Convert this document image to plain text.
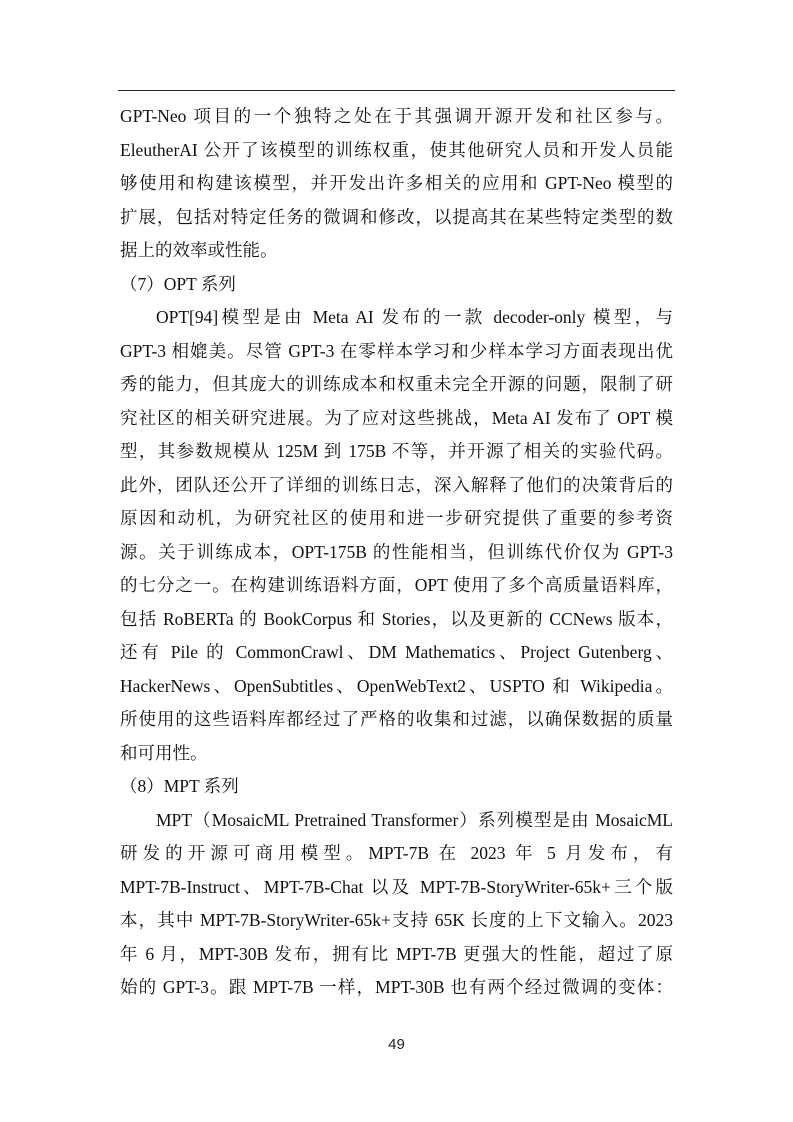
GPT-Neo 项目的一个独特之处在于其强调开源开发和社区参与。
EleutherAI 公开了该模型的训练权重，使其他研究人员和开发人员能
够使用和构建该模型，并开发出许多相关的应用和 GPT-Neo 模型的
扩展，包括对特定任务的微调和修改，以提高其在某些特定类型的数
据上的效率或性能。
（7）OPT 系列
OPT[94]模型是由 Meta AI 发布的一款 decoder-only 模型，与
GPT-3 相媲美。尽管 GPT-3 在零样本学习和少样本学习方面表现出优
秀的能力，但其庞大的训练成本和权重未完全开源的问题，限制了研
究社区的相关研究进展。为了应对这些挑战，Meta AI 发布了 OPT 模
型，其参数规模从 125M 到 175B 不等，并开源了相关的实验代码。
此外，团队还公开了详细的训练日志，深入解释了他们的决策背后的
原因和动机，为研究社区的使用和进一步研究提供了重要的参考资
源。关于训练成本，OPT-175B 的性能相当，但训练代价仅为 GPT-3
的七分之一。在构建训练语料方面，OPT 使用了多个高质量语料库，
包括 RoBERTa 的 BookCorpus 和 Stories，以及更新的 CCNews 版本，
还有 Pile 的 CommonCrawl、DM Mathematics、Project Gutenberg、
HackerNews、OpenSubtitles、OpenWebText2、USPTO 和 Wikipedia。
所使用的这些语料库都经过了严格的收集和过滤，以确保数据的质量
和可用性。
（8）MPT 系列
MPT（MosaicML Pretrained Transformer）系列模型是由 MosaicML
研发的开源可商用模型。MPT-7B 在 2023 年 5 月发布，有
MPT-7B-Instruct、MPT-7B-Chat 以及 MPT-7B-StoryWriter-65k+三个版
本，其中 MPT-7B-StoryWriter-65k+支持 65K 长度的上下文输入。2023
年 6 月，MPT-30B 发布，拥有比 MPT-7B 更强大的性能，超过了原
始的 GPT-3。跟 MPT-7B 一样，MPT-30B 也有两个经过微调的变体：
49
